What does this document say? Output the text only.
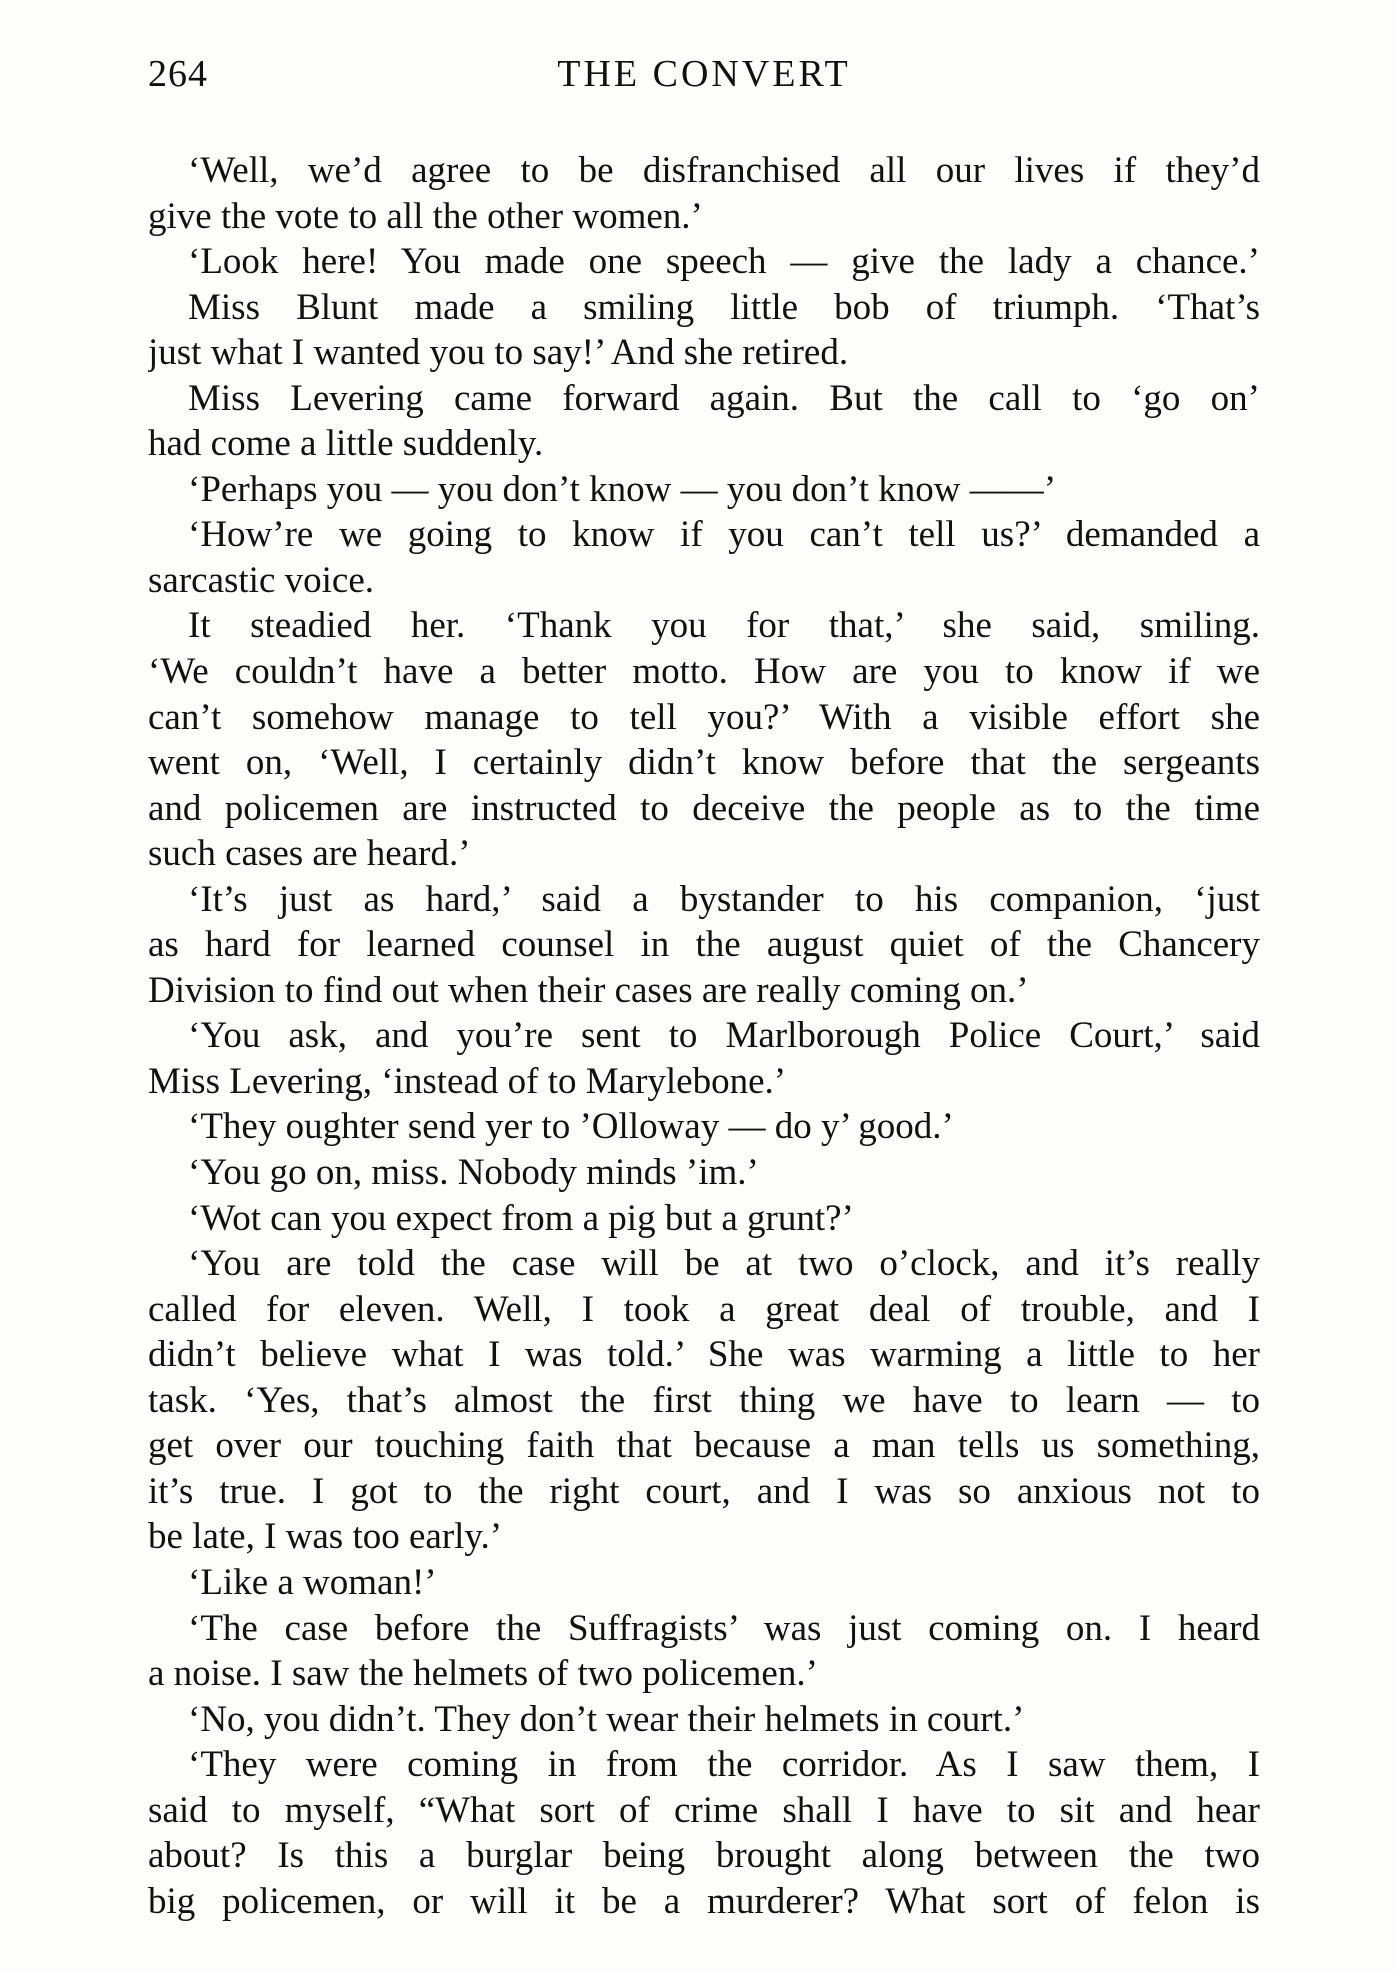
264	THE CONVERT
‘Well, we’d agree to be disfranchised all our lives if they’d
give the vote to all the other women.’
‘Look here! You made one speech — give the lady a chance.’
Miss Blunt made a smiling little bob of triumph. ‘That’s
just what I wanted you to say!’ And she retired.
Miss Levering came forward again. But the call to ‘go on’
had come a little suddenly.
‘Perhaps you — you don’t know — you don’t know ——’
‘How’re we going to know if you can’t tell us?’ demanded a
sarcastic voice.
It steadied her. ‘Thank you for that,’ she said, smiling.
‘We couldn’t have a better motto. How are you to know if we
can’t somehow manage to tell you?’ With a visible effort she
went on, ‘Well, I certainly didn’t know before that the sergeants
and policemen are instructed to deceive the people as to the time
such cases are heard.’
‘It’s just as hard,’ said a bystander to his companion, ‘just
as hard for learned counsel in the august quiet of the Chancery
Division to find out when their cases are really coming on.’
‘You ask, and you’re sent to Marlborough Police Court,’ said
Miss Levering, ‘instead of to Marylebone.’
‘They oughter send yer to ’Olloway — do y’ good.’
‘You go on, miss. Nobody minds ’im.’
‘Wot can you expect from a pig but a grunt?’
‘You are told the case will be at two o’clock, and it’s really
called for eleven. Well, I took a great deal of trouble, and I
didn’t believe what I was told.’ She was warming a little to her
task. ‘Yes, that’s almost the first thing we have to learn — to
get over our touching faith that because a man tells us something,
it’s true. I got to the right court, and I was so anxious not to
be late, I was too early.’
‘Like a woman!’
‘The case before the Suffragists’ was just coming on. I heard
a noise. I saw the helmets of two policemen.’
‘No, you didn’t. They don’t wear their helmets in court.’
‘They were coming in from the corridor. As I saw them, I
said to myself, “What sort of crime shall I have to sit and hear
about? Is this a burglar being brought along between the two
big policemen, or will it be a murderer? What sort of felon is
